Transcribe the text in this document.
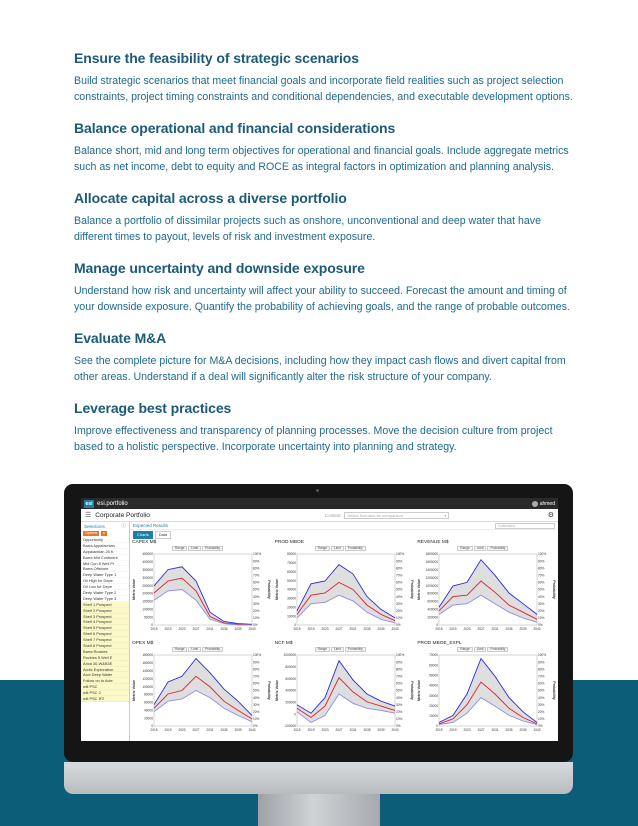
Ensure the feasibility of strategic scenarios

Build strategic scenarios that meet financial goals and incorporate field realities such as project selection constraints, project timing constraints and conditional dependencies, and executable development options.

Balance operational and financial considerations

Balance short, mid and long term objectives for operational and financial goals. Include aggregate metrics such as net income, debt to equity and ROCE as integral factors in optimization and planning analysis.

Allocate capital across a diverse portfolio

Balance a portfolio of dissimilar projects such as onshore, unconventional and deep water that have different times to payout, levels of risk and investment exposure.

Manage uncertainty and downside exposure

Understand how risk and uncertainty will affect your ability to succeed. Forecast the amount and timing of your downside exposure. Quantify the probability of achieving goals, and the range of probable outcomes.

Evaluate M&A

See the complete picture for M&A decisions, including how they impact cash flows and divert capital from other areas. Understand if a deal will significantly alter the risk structure of your company.

Leverage best practices

Improve effectiveness and transparency of planning processes. Move the decision culture from project based to a holistic perspective. Incorporate uncertainty into planning and strategy.

esi esi.portfolio	ahmed
☰ Corporate Portfolio	Context	Select Scenario for comparison	▾	⚙
Selections	ⓘ
Options	▸
Opportunity
Barra Appalachian
Appalachian 25 K
Barra Mid Continent
Mid Con 8 Well Pr
Barra Offshore
Deep Water Type 1
Oil High for Depe
Oil Low for Depe
Deep Water Type 2
Deep Water Type 3
Shelf 1 Prospect
Shelf 2 Prospect
Shelf 3 Prospect
Shelf 4 Prospect
Shelf 5 Prospect
Shelf 6 Prospect
Shelf 7 Prospect
Shelf 8 Prospect
Barra Rockies
Rockies 5 Well E
Arica 30-W&B3E
Arctic Exploration
Acct Deep Water
Follow on to Acte
will PSC
will PSC 2
will PSC IF2
Expected Results	Collections
Charts	Data
CAPEX M$
Range	Limit	Probability
450000
400000
350000
300000
250000
200000
150000
100000
50000
0
100%
90%
80%
70%
60%
50%
40%
30%
20%
10%
0%
2015 2019 2023 2027 2031 2035 2039 2043
Metric Value	Probability
PROD MBOE
Range	Limit	Probability
80000
70000
60000
50000
40000
30000
20000
10000
0
100%
90%
80%
70%
60%
50%
40%
30%
20%
10%
0%
2015 2019 2023 2027 2031 2035 2039 2043
Metric Value	Probability
REVENUE M$
Range	Limit	Probability
1800000
1600000
1400000
1200000
1000000
800000
600000
400000
200000
0
100%
90%
80%
70%
60%
50%
40%
30%
20%
10%
0%
2015 2019 2023 2027 2031 2035 2039 2043
Metric Value	Probability
OPEX M$
Range	Limit	Probability
180000
160000
140000
120000
100000
80000
60000
40000
20000
0
100%
90%
80%
70%
60%
50%
40%
30%
20%
10%
0%
2015 2019 2023 2027 2031 2035 2039 2043
Metric Value	Probability
NCF M$
Range	Limit	Probability
1000000
800000
600000
400000
200000
0
-200000
100%
90%
80%
70%
60%
50%
40%
30%
20%
10%
0%
2015 2019 2023 2027 2031 2035 2039 2043
Metric Value	Probability
PROD MBOE_EXPL
Range	Limit	Probability
70000
60000
50000
40000
30000
20000
10000
0
100%
90%
80%
70%
60%
50%
40%
30%
20%
10%
0%
2015 2019 2023 2027 2031 2035 2039 2043
Metric Value	Probability
